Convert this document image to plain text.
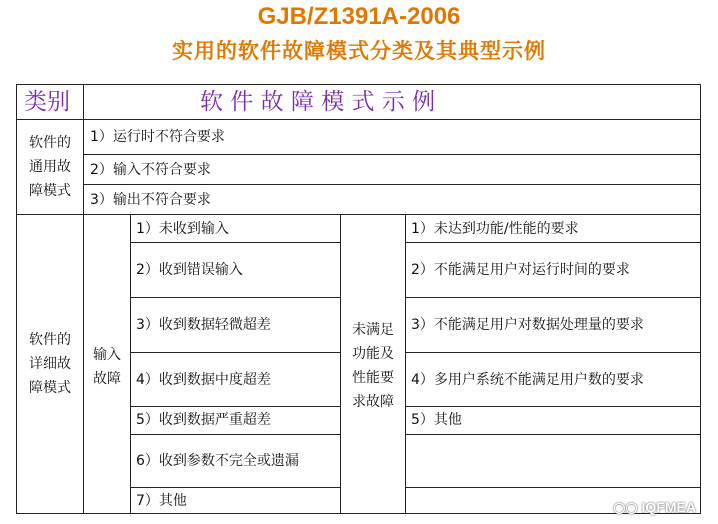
GJB/Z1391A-2006
实用的软件故障模式分类及其典型示例
类别	软 件 故 障 模 式 示 例
软件的
通用故
障模式
1）运行时不符合要求
2）输入不符合要求
3）输出不符合要求
软件的
详细故
障模式
输入
故障
1）未收到输入
2）收到错误输入
3）收到数据轻微超差
4）收到数据中度超差
5）收到数据严重超差
6）收到参数不完全或遗漏
7）其他
未满足
功能及
性能要
求故障
1）未达到功能/性能的要求
2）不能满足用户对运行时间的要求
3）不能满足用户对数据处理量的要求
4）多用户系统不能满足用户数的要求
5）其他
◉◉ IQFMEA
